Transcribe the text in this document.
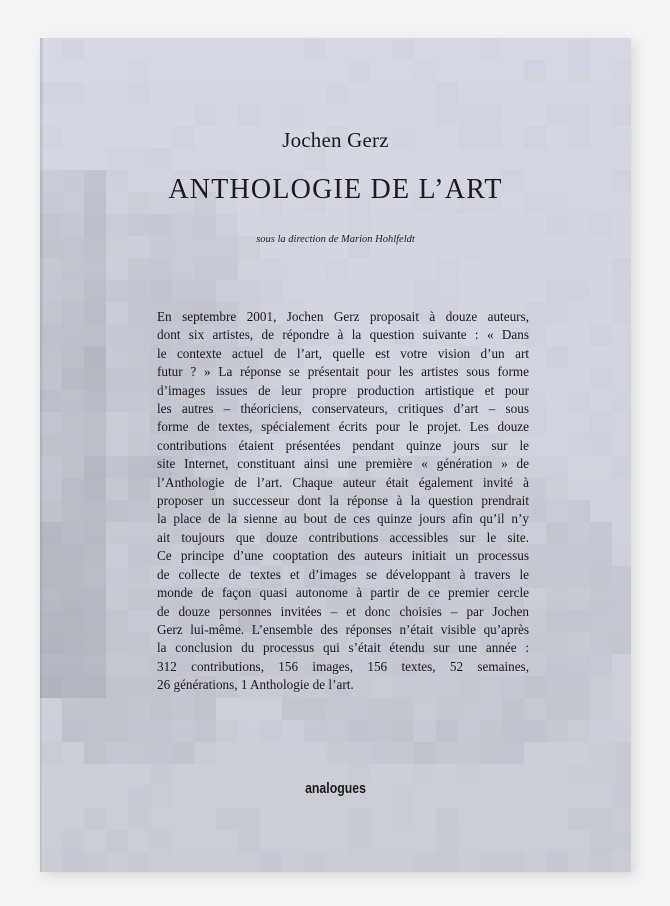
Jochen Gerz
ANTHOLOGIE DE L’ART
sous la direction de Marion Hohlfeldt
En septembre 2001, Jochen Gerz proposait à douze auteurs,
dont six artistes, de répondre à la question suivante : « Dans
le contexte actuel de l’art, quelle est votre vision d’un art
futur ? » La réponse se présentait pour les artistes sous forme
d’images issues de leur propre production artistique et pour
les autres – théoriciens, conservateurs, critiques d’art – sous
forme de textes, spécialement écrits pour le projet. Les douze
contributions étaient présentées pendant quinze jours sur le
site Internet, constituant ainsi une première « génération » de
l’Anthologie de l’art. Chaque auteur était également invité à
proposer un successeur dont la réponse à la question prendrait
la place de la sienne au bout de ces quinze jours afin qu’il n’y
ait toujours que douze contributions accessibles sur le site.
Ce principe d’une cooptation des auteurs initiait un processus
de collecte de textes et d’images se développant à travers le
monde de façon quasi autonome à partir de ce premier cercle
de douze personnes invitées – et donc choisies – par Jochen
Gerz lui-même. L’ensemble des réponses n’était visible qu’après
la conclusion du processus qui s’était étendu sur une année :
312 contributions, 156 images, 156 textes, 52 semaines,
26 générations, 1 Anthologie de l’art.
analogues
